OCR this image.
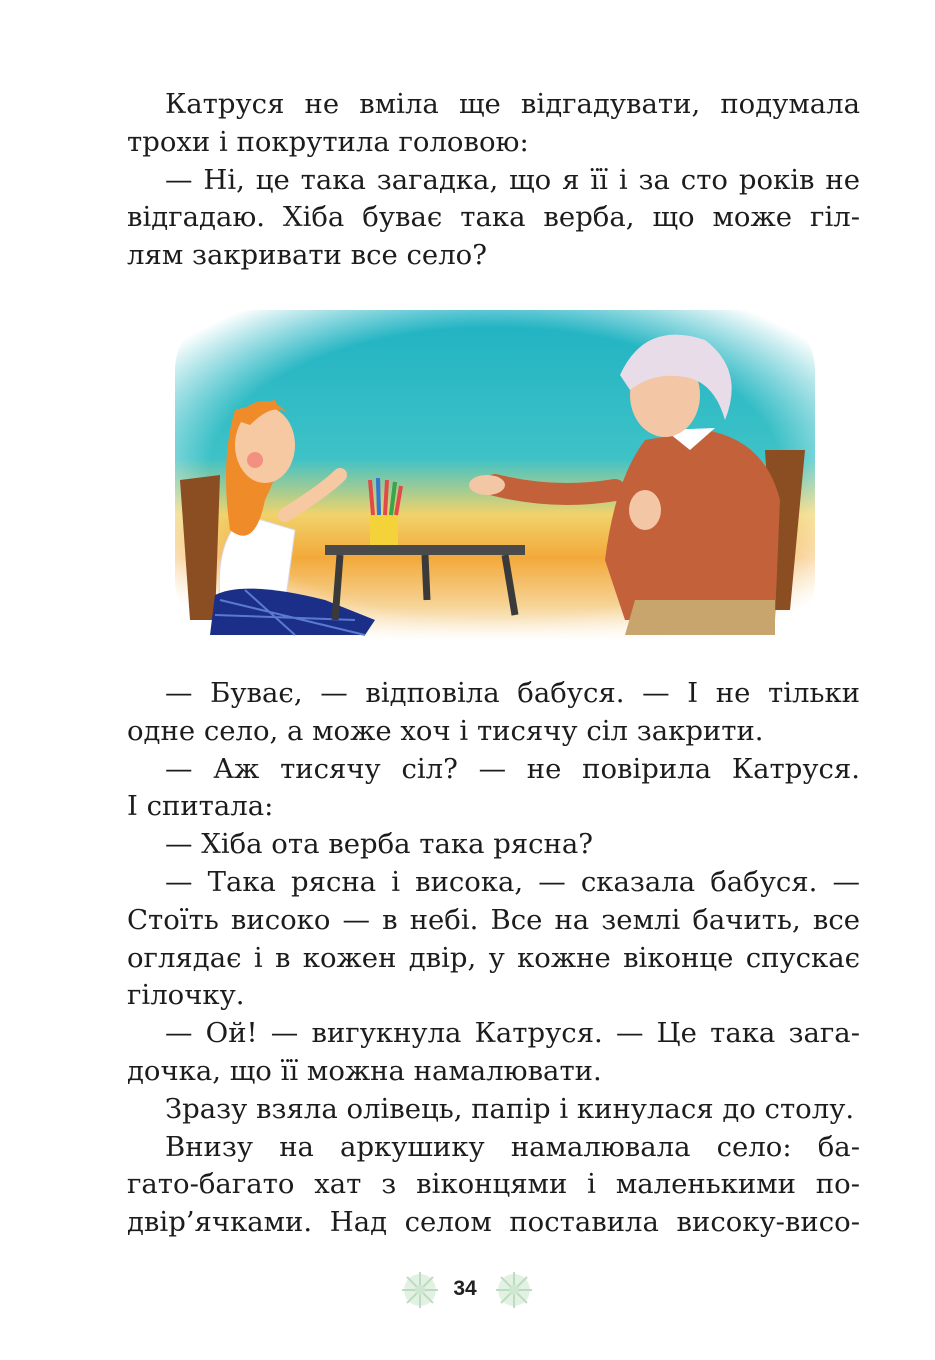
Катруся не вміла ще відгадувати, подумала
трохи і покрутила головою:
— Ні, це така загадка, що я її і за сто років не
відгадаю. Хіба буває така верба, що може гіл-
лям закривати все село?
— Буває, — відповіла бабуся. — І не тільки
одне село, а може хоч і тисячу сіл закрити.
— Аж тисячу сіл? — не повірила Катруся.
І спитала:
— Хіба ота верба така рясна?
— Така рясна і висока, — сказала бабуся. —
Стоїть високо — в небі. Все на землі бачить, все
оглядає і в кожен двір, у кожне віконце спускає
гілочку.
— Ой! — вигукнула Катруся. — Це така зага-
дочка, що її можна намалювати.
Зразу взяла олівець, папір і кинулася до столу.
Внизу на аркушику намалювала село: ба-
гато-багато хат з віконцями і маленькими по-
двір’ячками. Над селом поставила високу-висо-
34
